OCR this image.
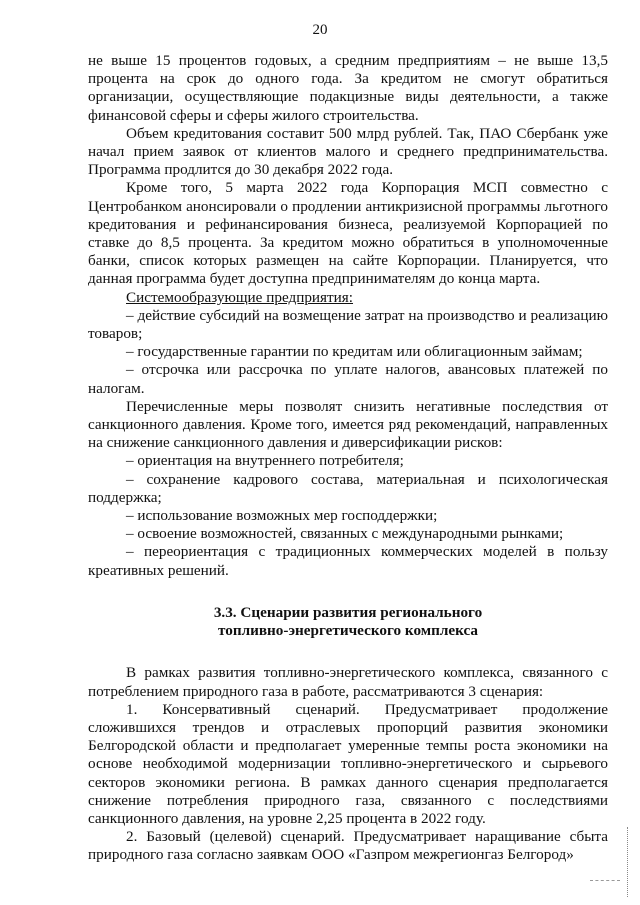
20

не выше 15 процентов годовых, а средним предприятиям – не выше 13,5 процента на срок до одного года. За кредитом не смогут обратиться организации, осуществляющие подакцизные виды деятельности, а также финансовой сферы и сферы жилого строительства.

Объем кредитования составит 500 млрд рублей. Так, ПАО Сбербанк уже начал прием заявок от клиентов малого и среднего предпринимательства. Программа продлится до 30 декабря 2022 года.

Кроме того, 5 марта 2022 года Корпорация МСП совместно с Центробанком анонсировали о продлении антикризисной программы льготного кредитования и рефинансирования бизнеса, реализуемой Корпорацией по ставке до 8,5 процента. За кредитом можно обратиться в уполномоченные банки, список которых размещен на сайте Корпорации. Планируется, что данная программа будет доступна предпринимателям до конца марта.

Системообразующие предприятия:

– действие субсидий на возмещение затрат на производство и реализацию товаров;

– государственные гарантии по кредитам или облигационным займам;

– отсрочка или рассрочка по уплате налогов, авансовых платежей по налогам.

Перечисленные меры позволят снизить негативные последствия от санкционного давления. Кроме того, имеется ряд рекомендаций, направленных на снижение санкционного давления и диверсификации рисков:

– ориентация на внутреннего потребителя;

– сохранение кадрового состава, материальная и психологическая поддержка;

– использование возможных мер господдержки;

– освоение возможностей, связанных с международными рынками;

– переориентация с традиционных коммерческих моделей в пользу креативных решений.

3.3. Сценарии развития регионального
топливно-энергетического комплекса

В рамках развития топливно-энергетического комплекса, связанного с потреблением природного газа в работе, рассматриваются 3 сценария:

1. Консервативный сценарий. Предусматривает продолжение сложившихся трендов и отраслевых пропорций развития экономики Белгородской области и предполагает умеренные темпы роста экономики на основе необходимой модернизации топливно-энергетического и сырьевого секторов экономики региона. В рамках данного сценария предполагается снижение потребления природного газа, связанного с последствиями санкционного давления, на уровне 2,25 процента в 2022 году.

2. Базовый (целевой) сценарий. Предусматривает наращивание сбыта природного газа согласно заявкам ООО «Газпром межрегионгаз Белгород»
